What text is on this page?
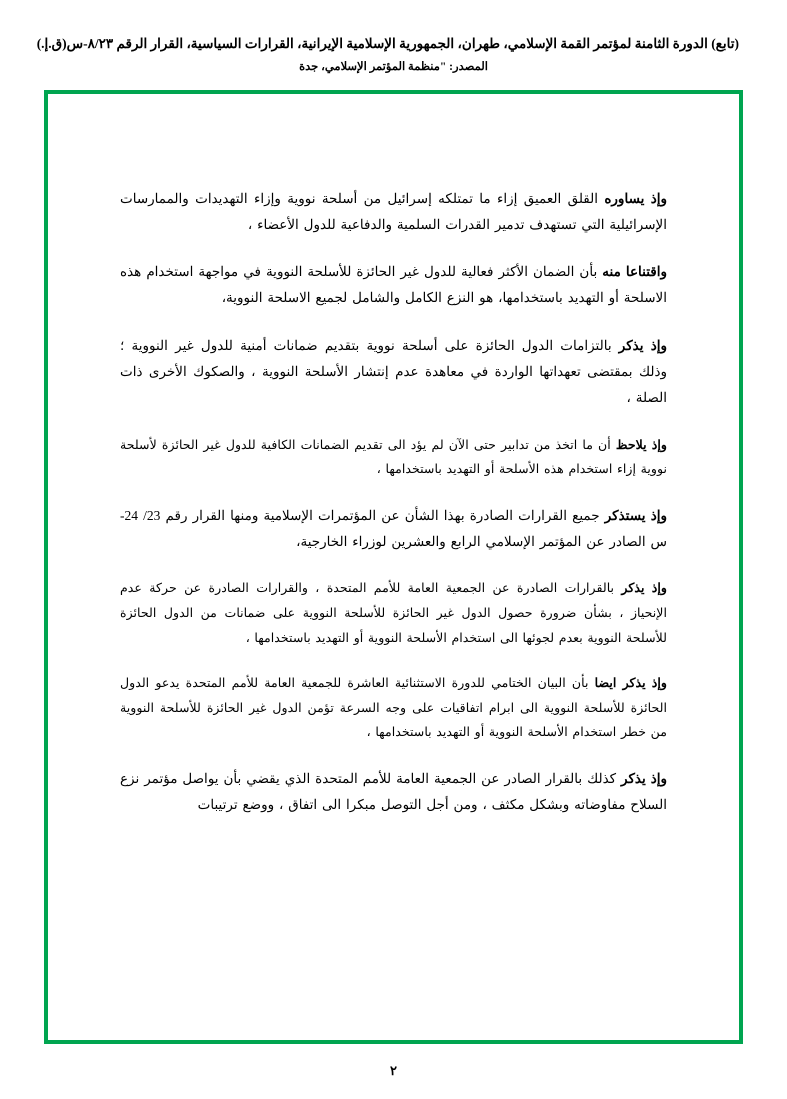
(تابع) الدورة الثامنة لمؤتمر القمة الإسلامي، طهران، الجمهورية الإسلامية الإيرانية، القرارات السياسية، القرار الرقم ٨/٢٣-س(ق.إ.)
المصدر: "منظمة المؤتمر الإسلامي، جدة

وإذ يساوره القلق العميق إزاء ما تمتلكه إسرائيل من أسلحة نووية وإزاء التهديدات والممارسات الإسرائيلية التي تستهدف تدمير القدرات السلمية والدفاعية للدول الأعضاء ،

واقتناعا منه بأن الضمان الأكثر فعالية للدول غير الحائزة للأسلحة النووية في مواجهة استخدام هذه الاسلحة أو التهديد باستخدامها، هو النزع الكامل والشامل لجميع الاسلحة النووية،

وإذ يذكر بالتزامات الدول الحائزة على أسلحة نووية بتقديم ضمانات أمنية للدول غير النووية ؛ وذلك بمقتضى تعهداتها الواردة في معاهدة عدم إنتشار الأسلحة النووية ، والصكوك الأخرى ذات الصلة ،

وإذ يلاحظ أن ما اتخذ من تدابير حتى الآن لم يؤد الى تقديم الضمانات الكافية للدول غير الحائزة لأسلحة نووية إزاء استخدام هذه الأسلحة أو التهديد باستخدامها ،

وإذ يستذكر جميع القرارات الصادرة بهذا الشأن عن المؤتمرات الإسلامية ومنها القرار رقم 23/ 24-س الصادر عن المؤتمر الإسلامي الرابع والعشرين لوزراء الخارجية،

وإذ يذكر بالقرارات الصادرة عن الجمعية العامة للأمم المتحدة ، والقرارات الصادرة عن حركة عدم الإنحياز ، بشأن ضرورة حصول الدول غير الحائزة للأسلحة النووية على ضمانات من الدول الحائزة للأسلحة النووية بعدم لجوئها الى استخدام الأسلحة النووية أو التهديد باستخدامها ،

وإذ يذكر ايضا بأن البيان الختامي للدورة الاستثنائية العاشرة للجمعية العامة للأمم المتحدة يدعو الدول الحائزة للأسلحة النووية الى ابرام اتفاقيات على وجه السرعة تؤمن الدول غير الحائزة للأسلحة النووية من خطر استخدام الأسلحة النووية أو التهديد باستخدامها ،

وإذ يذكر كذلك بالقرار الصادر عن الجمعية العامة للأمم المتحدة الذي يقضي بأن يواصل مؤتمر نزع السلاح مفاوضاته وبشكل مكثف ، ومن أجل التوصل مبكرا الى اتفاق ، ووضع ترتيبات

٢
